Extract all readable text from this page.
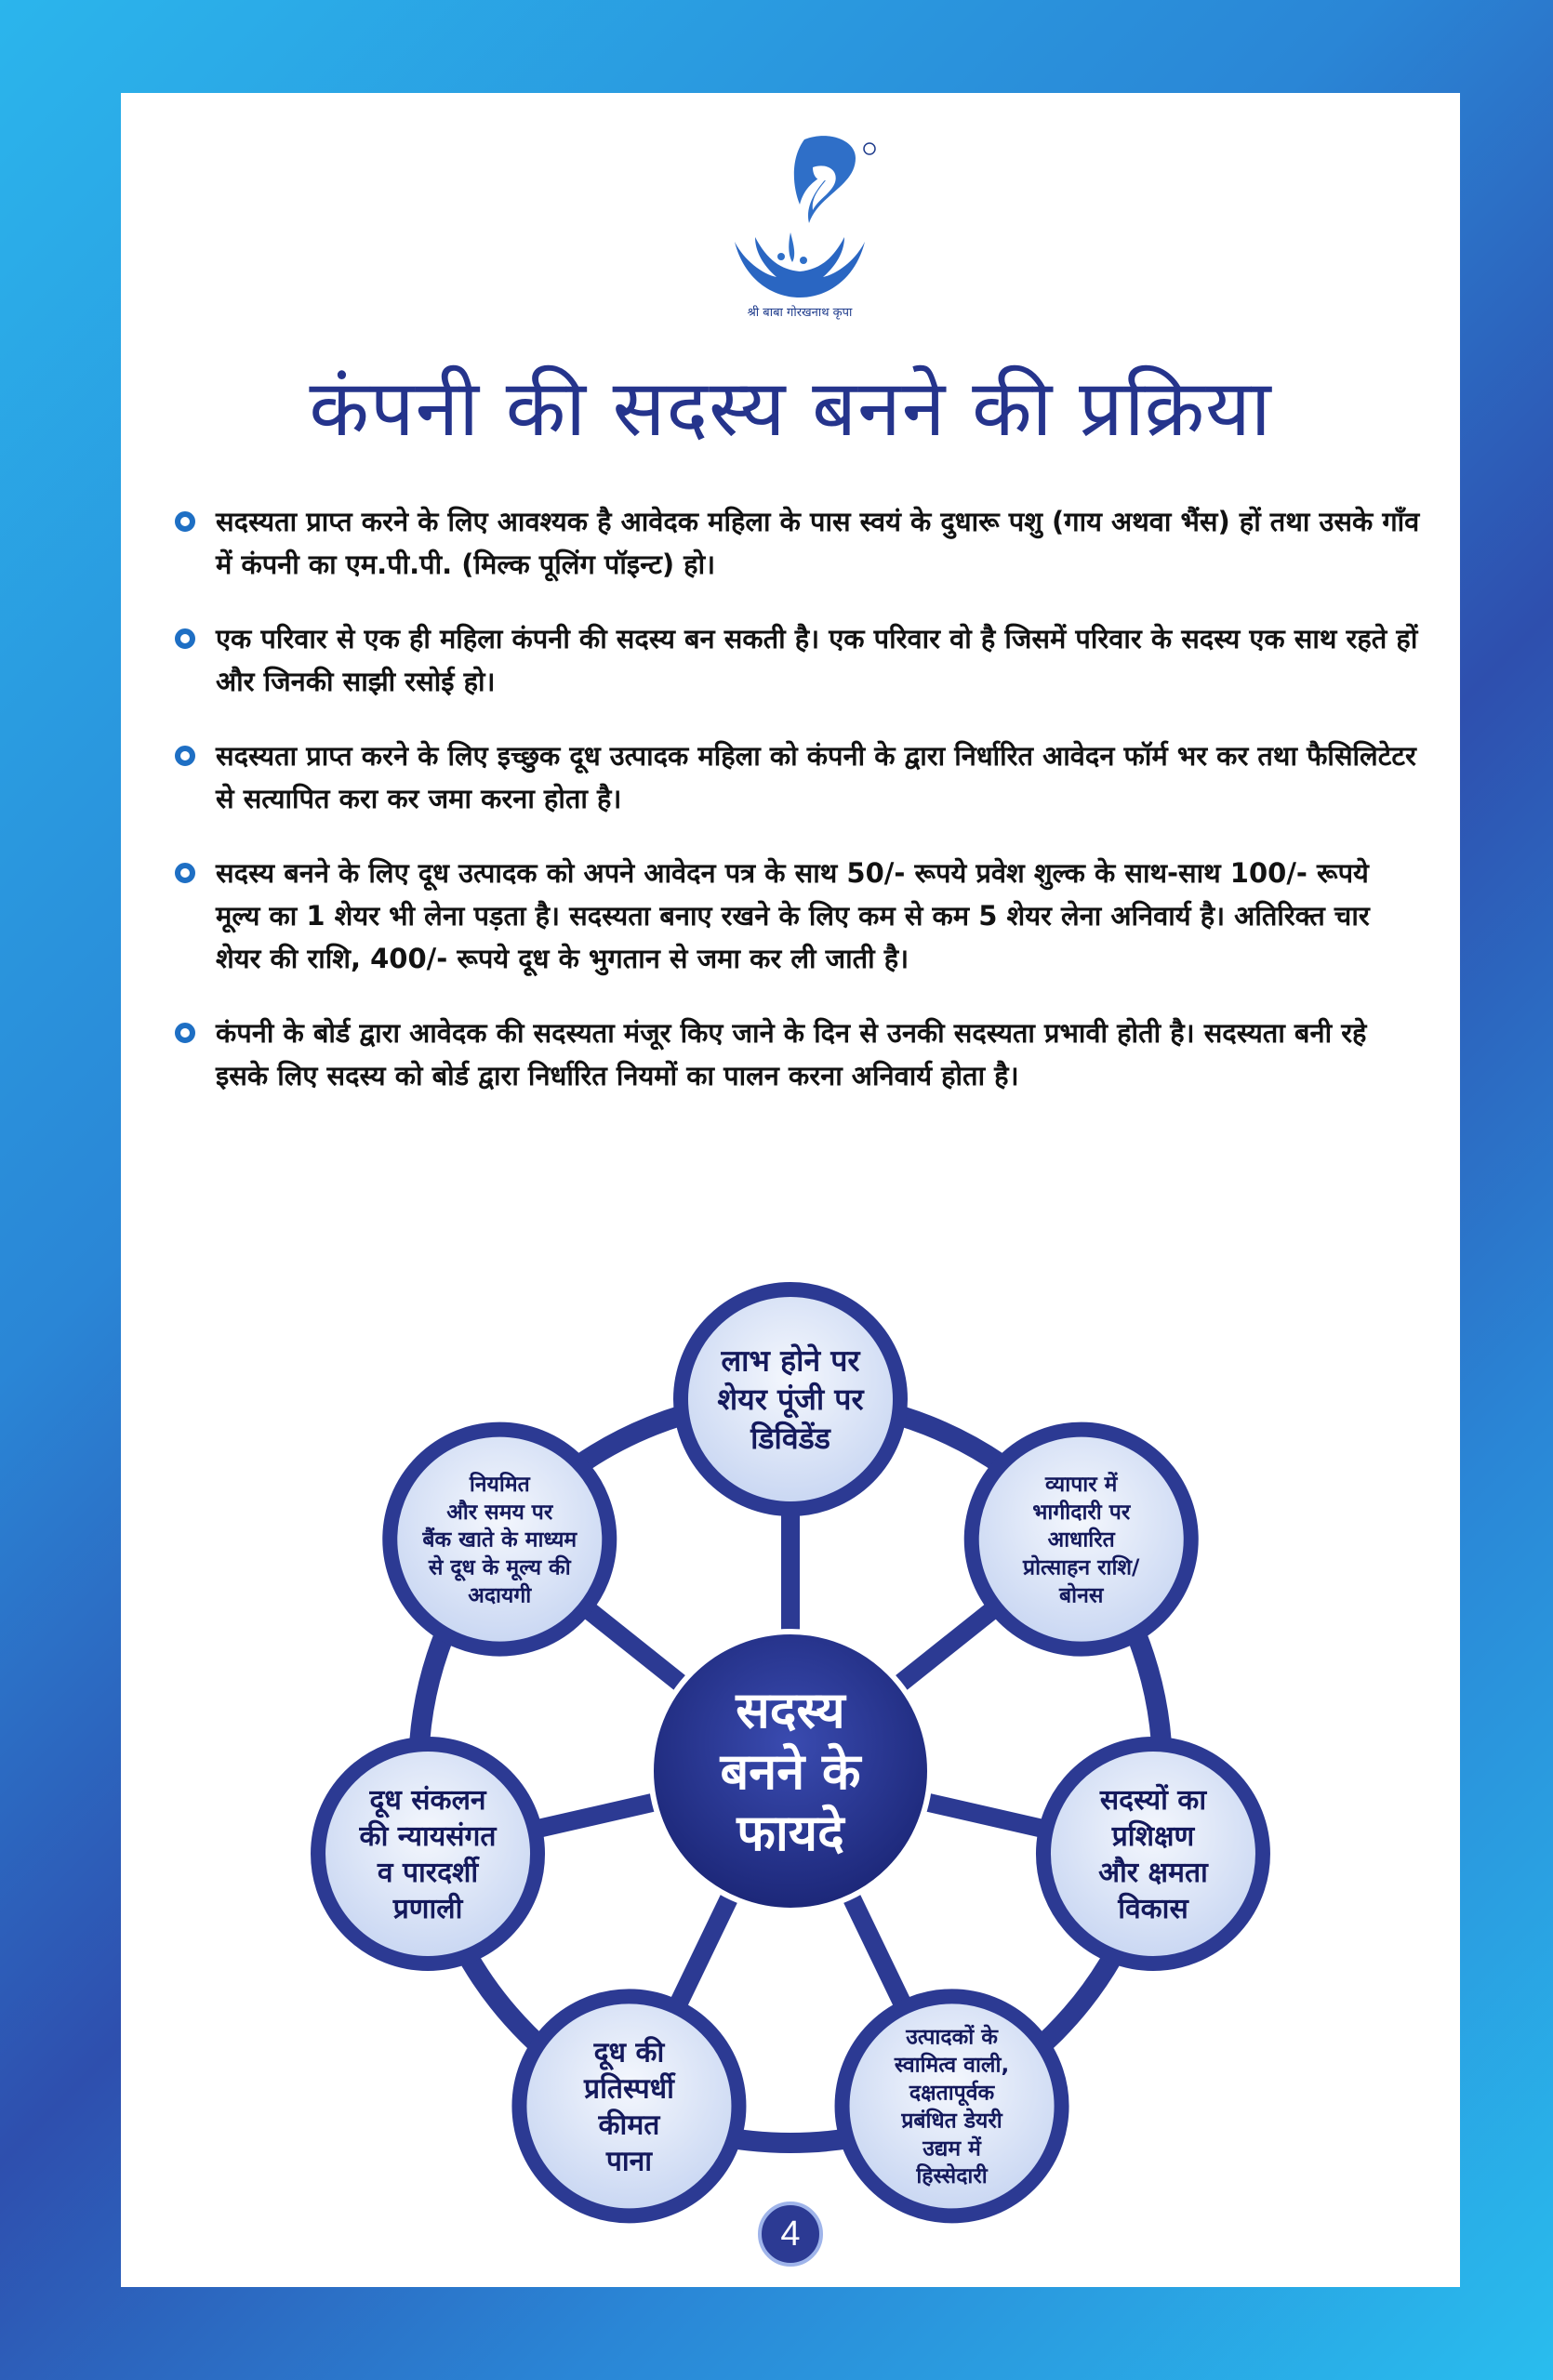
श्री बाबा गोरखनाथ कृपा
कंपनी की सदस्य बनने की प्रक्रिया
सदस्यता प्राप्त करने के लिए आवश्यक है आवेदक महिला के पास स्वयं के दुधारू पशु (गाय अथवा भैंस) हों तथा उसके गाँव में कंपनी का एम.पी.पी. (मिल्क पूलिंग पॉइन्ट) हो।
एक परिवार से एक ही महिला कंपनी की सदस्य बन सकती है। एक परिवार वो है जिसमें परिवार के सदस्य एक साथ रहते हों और जिनकी साझी रसोई हो।
सदस्यता प्राप्त करने के लिए इच्छुक दूध उत्पादक महिला को कंपनी के द्वारा निर्धारित आवेदन फॉर्म भर कर तथा फैसिलिटेटर से सत्यापित करा कर जमा करना होता है।
सदस्य बनने के लिए दूध उत्पादक को अपने आवेदन पत्र के साथ 50/- रूपये प्रवेश शुल्क के साथ-साथ 100/- रूपये मूल्य का 1 शेयर भी लेना पड़ता है। सदस्यता बनाए रखने के लिए कम से कम 5 शेयर लेना अनिवार्य है। अतिरिक्त चार शेयर की राशि, 400/- रूपये दूध के भुगतान से जमा कर ली जाती है।
कंपनी के बोर्ड द्वारा आवेदक की सदस्यता मंजूर किए जाने के दिन से उनकी सदस्यता प्रभावी होती है। सदस्यता बनी रहे इसके लिए सदस्य को बोर्ड द्वारा निर्धारित नियमों का पालन करना अनिवार्य होता है।
लाभ होने पर
शेयर पूंजी पर
डिविडेंड
व्यापार में
भागीदारी पर
आधारित
प्रोत्साहन राशि/
बोनस
सदस्यों का
प्रशिक्षण
और क्षमता
विकास
उत्पादकों के
स्वामित्व वाली,
दक्षतापूर्वक
प्रबंधित डेयरी
उद्यम में
हिस्सेदारी
दूध की
प्रतिस्पर्धी
कीमत
पाना
दूध संकलन
की न्यायसंगत
व पारदर्शी
प्रणाली
नियमित
और समय पर
बैंक खाते के माध्यम
से दूध के मूल्य की
अदायगी
सदस्य
बनने के
फायदे
4
